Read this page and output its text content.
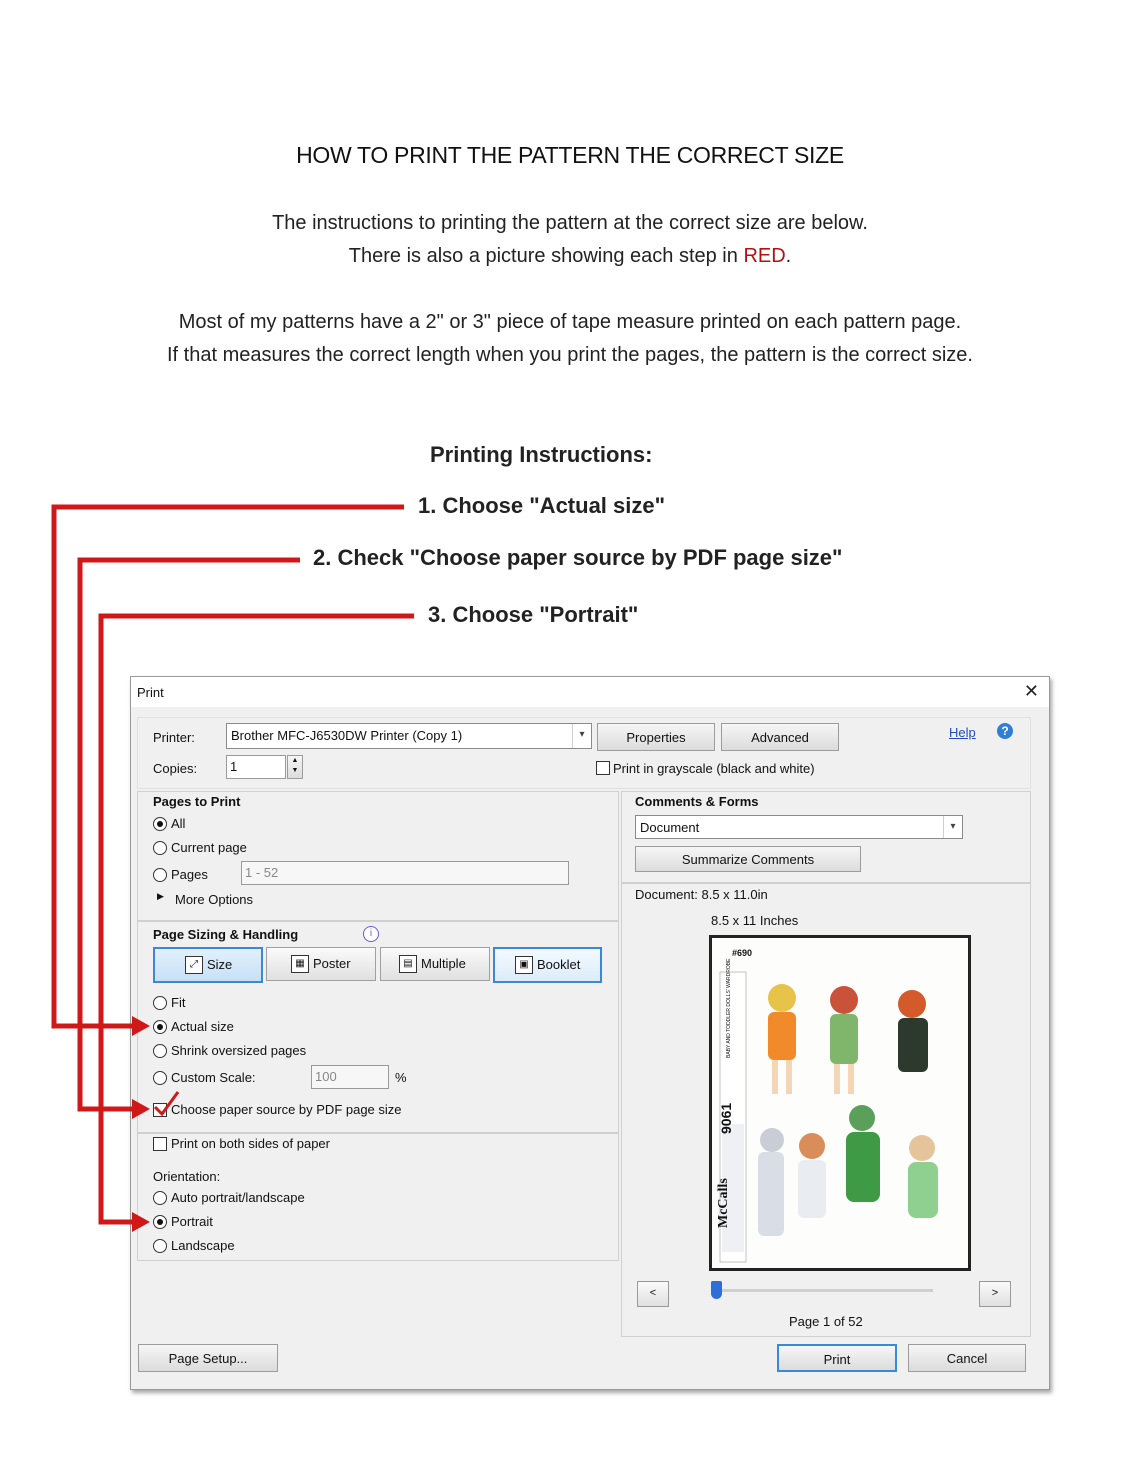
HOW TO PRINT THE PATTERN THE CORRECT SIZE
The instructions to printing the pattern at the correct size are below.
There is also a picture showing each step in RED.
Most of my patterns have a 2" or 3" piece of tape measure printed on each pattern page.
If that measures the correct length when you print the pages, the pattern is the correct size.
Printing Instructions:
1. Choose "Actual size"
2. Check "Choose paper source by PDF page size"
3. Choose "Portrait"
Print	✕
Printer:	Brother MFC-J6530DW Printer (Copy 1)	▾	Properties	Advanced	Help	?
Copies:	1	▲
▼	Print in grayscale (black and white)
Pages to Print
All
Current page
Pages	1 - 52
▶ More Options
Page Sizing & Handling	i
⤢ Size	▦ Poster	▤ Multiple	▣ Booklet
Fit
Actual size
Shrink oversized pages
Custom Scale:	100	%
Choose paper source by PDF page size
Print on both sides of paper
Orientation:
Auto portrait/landscape
Portrait
Landscape
Comments & Forms
Document	▾
Summarize Comments
Document: 8.5 x 11.0in
8.5 x 11 Inches
#690
McCalls
9061
BABY AND TODDLER DOLLS' WARDROBE
<	>
Page 1 of 52
Page Setup...	Print	Cancel
